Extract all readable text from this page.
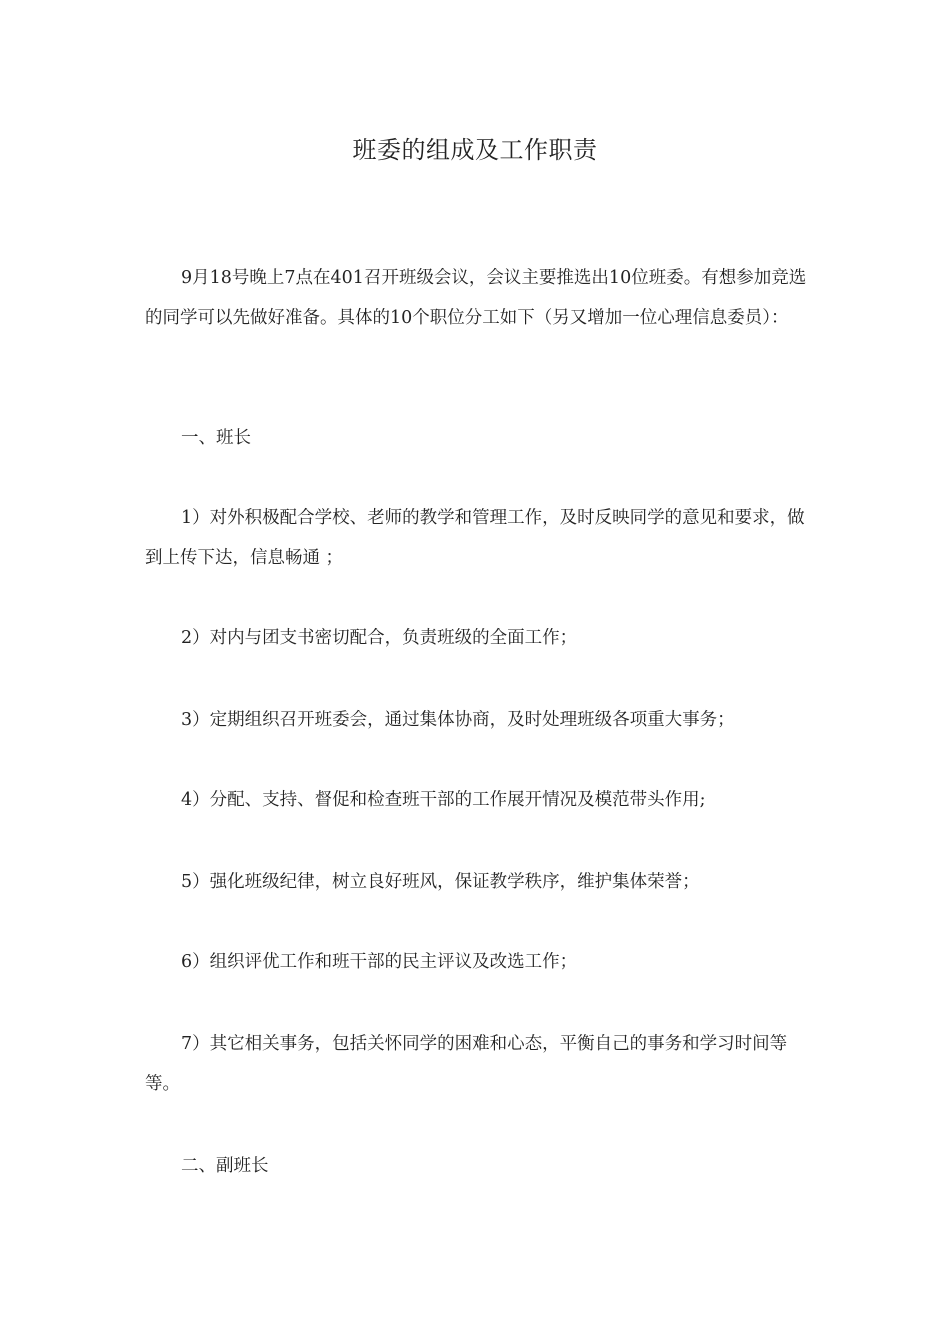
班委的组成及工作职责

9月18号晚上7点在401召开班级会议，会议主要推选出10位班委。有想参加竞选的同学可以先做好准备。具体的10个职位分工如下（另又增加一位心理信息委员）：

一、班长

1）对外积极配合学校、老师的教学和管理工作，及时反映同学的意见和要求，做到上传下达，信息畅通 ；

2）对内与团支书密切配合，负责班级的全面工作；

3）定期组织召开班委会，通过集体协商，及时处理班级各项重大事务；

4）分配、支持、督促和检查班干部的工作展开情况及模范带头作用;

5）强化班级纪律，树立良好班风，保证教学秩序，维护集体荣誉；

6）组织评优工作和班干部的民主评议及改选工作；

7）其它相关事务，包括关怀同学的困难和心态，平衡自己的事务和学习时间等等。

二、副班长
